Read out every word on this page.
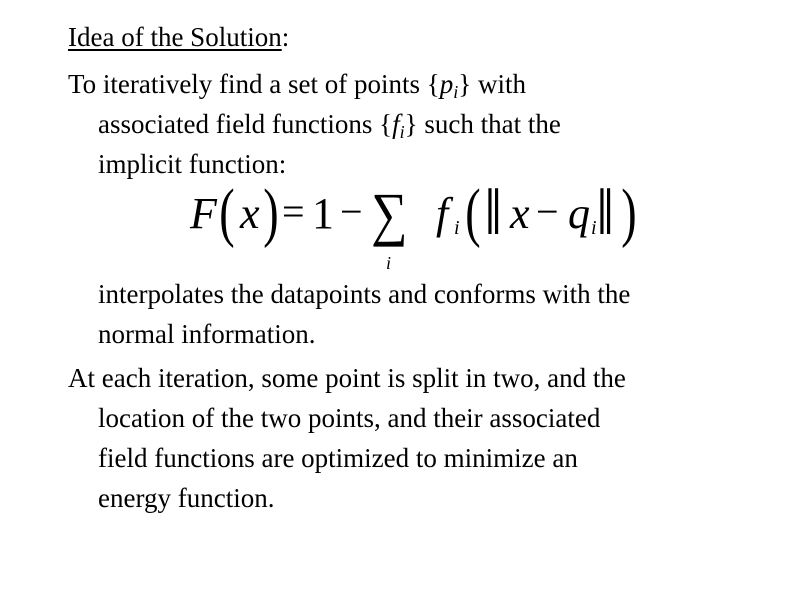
Idea of the Solution:
To iteratively find a set of points $\{p_i\}$ with
associated field functions $\{f_i\}$ such that the
implicit function:
F ( x ) = 1 − ∑
i
f i ( ‖ x − q i ‖ )
interpolates the datapoints and conforms with the
normal information.
At each iteration, some point is split in two, and the
location of the two points, and their associated
field functions are optimized to minimize an
energy function.
